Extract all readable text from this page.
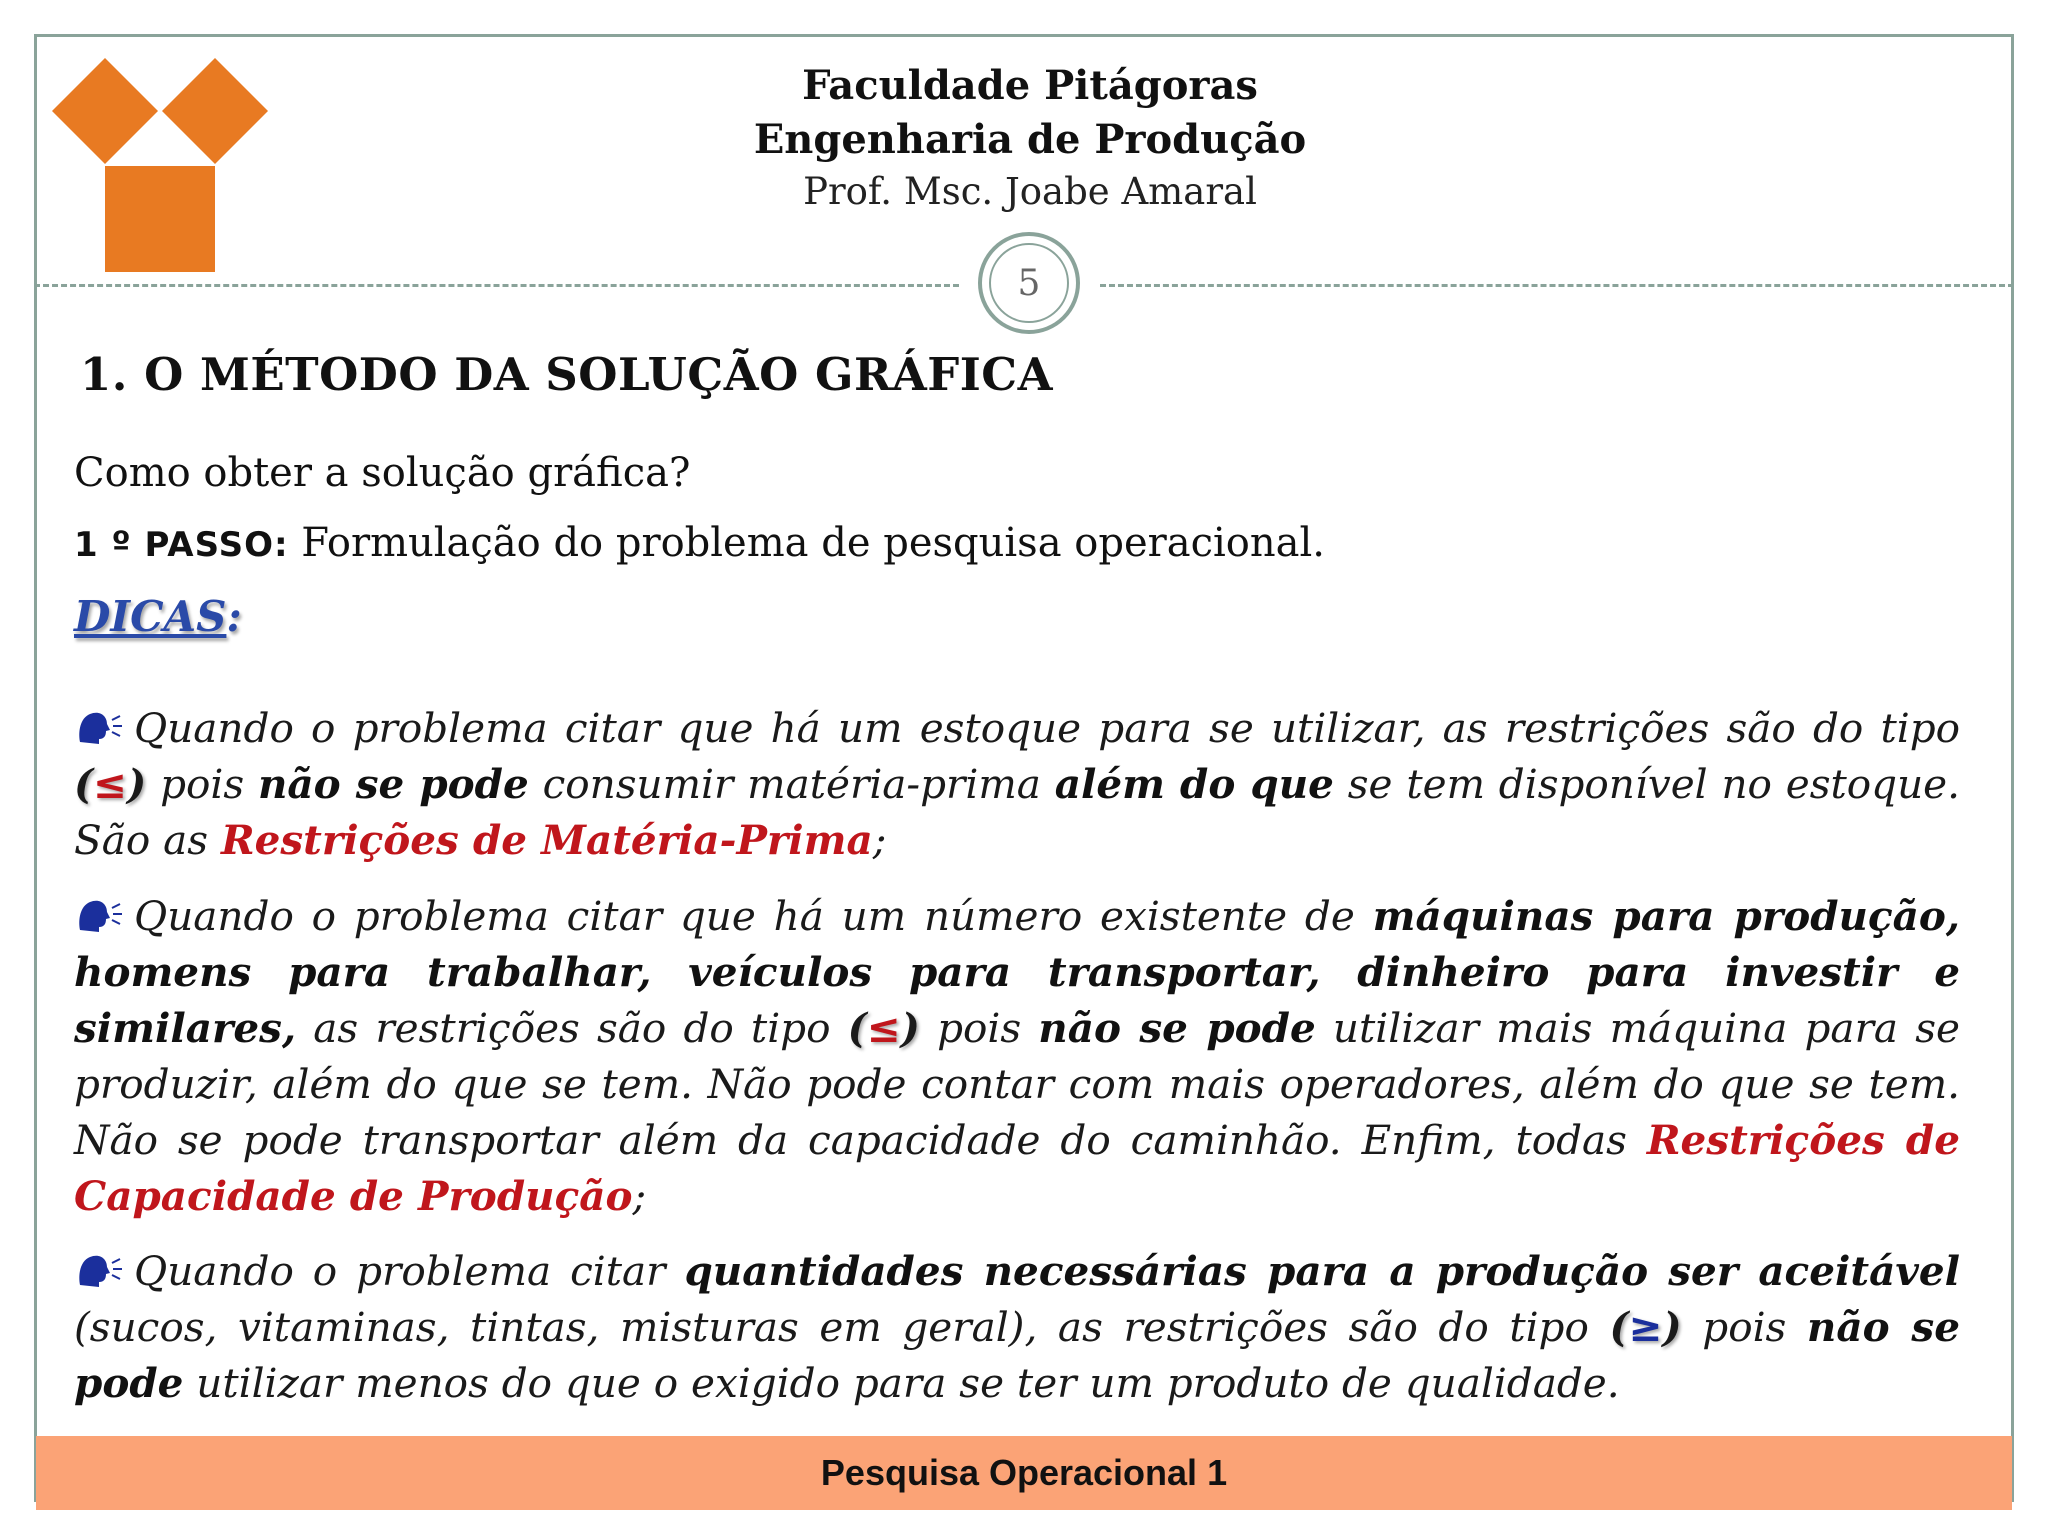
Faculdade Pitágoras
Engenharia de Produção
Prof. Msc. Joabe Amaral
5
1. O MÉTODO DA SOLUÇÃO GRÁFICA
Como obter a solução gráfica?
1 º PASSO: Formulação do problema de pesquisa operacional.
DICAS:
Quando o problema citar que há um estoque para se utilizar, as restrições são do tipo (≤) pois não se pode consumir matéria-prima além do que se tem disponível no estoque. São as Restrições de Matéria-Prima;
Quando o problema citar que há um número existente de máquinas para produção, homens para trabalhar, veículos para transportar, dinheiro para investir e similares, as restrições são do tipo (≤) pois não se pode utilizar mais máquina para se produzir, além do que se tem. Não pode contar com mais operadores, além do que se tem. Não se pode transportar além da capacidade do caminhão. Enfim, todas Restrições de Capacidade de Produção;
Quando o problema citar quantidades necessárias para a produção ser aceitável (sucos, vitaminas, tintas, misturas em geral), as restrições são do tipo (≥) pois não se pode utilizar menos do que o exigido para se ter um produto de qualidade.
Pesquisa Operacional 1
